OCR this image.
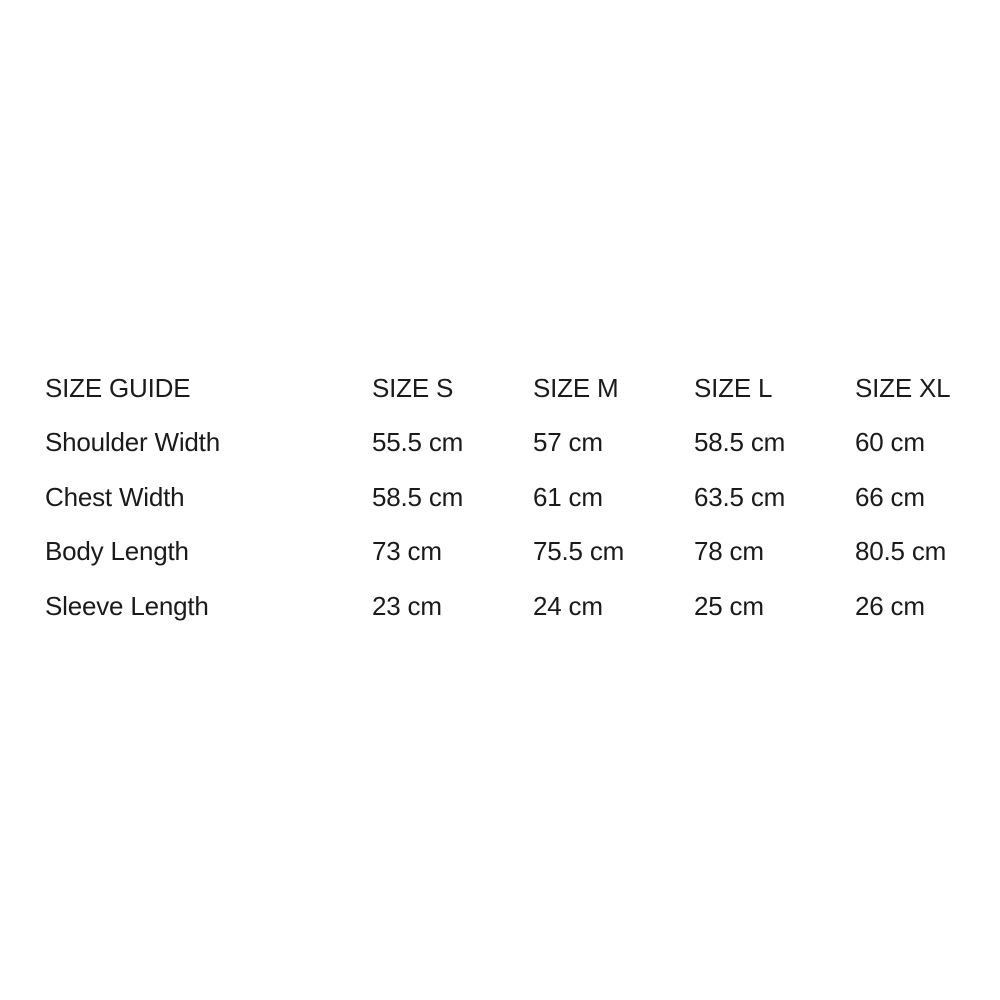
SIZE GUIDE	SIZE S	SIZE M	SIZE L	SIZE XL
Shoulder Width	55.5 cm	57 cm	58.5 cm	60 cm
Chest Width	58.5 cm	61 cm	63.5 cm	66 cm
Body Length	73 cm	75.5 cm	78 cm	80.5 cm
Sleeve Length	23 cm	24 cm	25 cm	26 cm
